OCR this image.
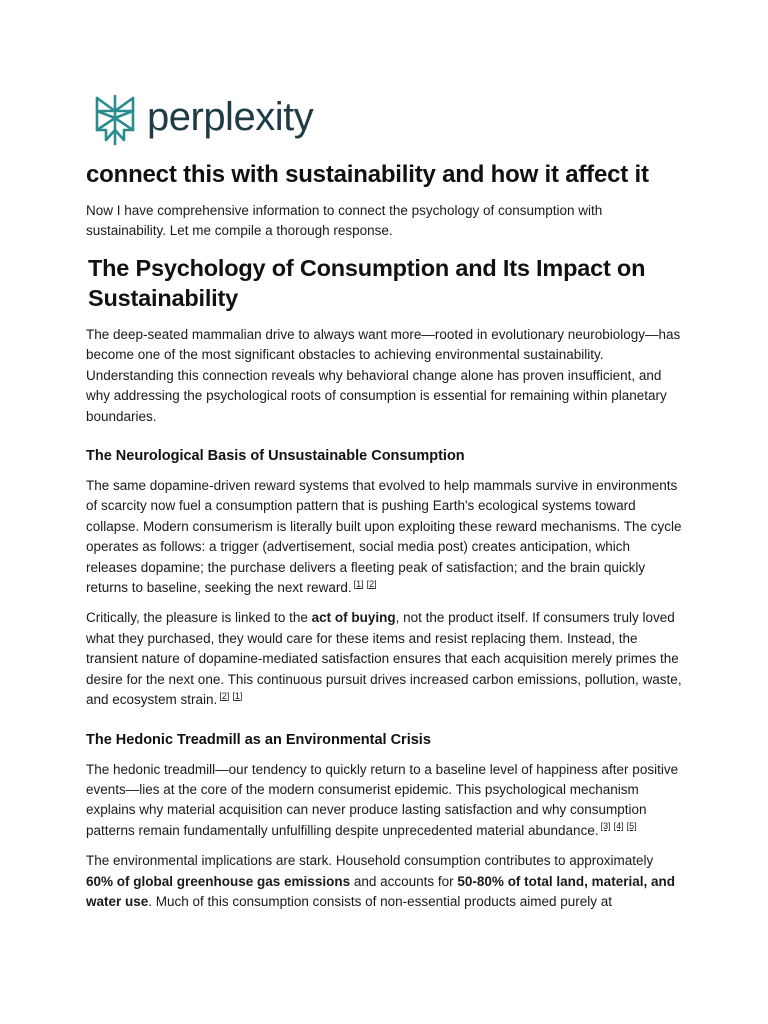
perplexity
connect this with sustainability and how it affect it
Now I have comprehensive information to connect the psychology of consumption with sustainability. Let me compile a thorough response.
The Psychology of Consumption and Its Impact on Sustainability
The deep-seated mammalian drive to always want more—rooted in evolutionary neurobiology—has become one of the most significant obstacles to achieving environmental sustainability. Understanding this connection reveals why behavioral change alone has proven insufficient, and why addressing the psychological roots of consumption is essential for remaining within planetary boundaries.
The Neurological Basis of Unsustainable Consumption
The same dopamine-driven reward systems that evolved to help mammals survive in environments of scarcity now fuel a consumption pattern that is pushing Earth's ecological systems toward collapse. Modern consumerism is literally built upon exploiting these reward mechanisms. The cycle operates as follows: a trigger (advertisement, social media post) creates anticipation, which releases dopamine; the purchase delivers a fleeting peak of satisfaction; and the brain quickly returns to baseline, seeking the next reward. [1] [2]
Critically, the pleasure is linked to the act of buying, not the product itself. If consumers truly loved what they purchased, they would care for these items and resist replacing them. Instead, the transient nature of dopamine-mediated satisfaction ensures that each acquisition merely primes the desire for the next one. This continuous pursuit drives increased carbon emissions, pollution, waste, and ecosystem strain. [2] [1]
The Hedonic Treadmill as an Environmental Crisis
The hedonic treadmill—our tendency to quickly return to a baseline level of happiness after positive events—lies at the core of the modern consumerist epidemic. This psychological mechanism explains why material acquisition can never produce lasting satisfaction and why consumption patterns remain fundamentally unfulfilling despite unprecedented material abundance. [3] [4] [5]
The environmental implications are stark. Household consumption contributes to approximately 60% of global greenhouse gas emissions and accounts for 50-80% of total land, material, and water use. Much of this consumption consists of non-essential products aimed purely at
